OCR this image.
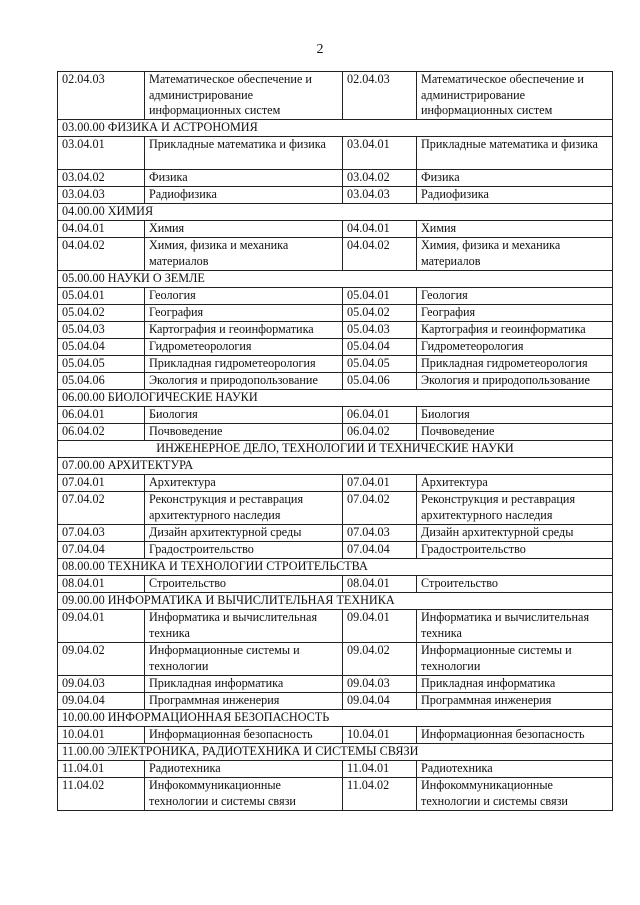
2
02.04.03	Математическое обеспечение и администрирование информационных систем	02.04.03	Математическое обеспечение и администрирование информационных систем
03.00.00 ФИЗИКА И АСТРОНОМИЯ			
03.04.01	Прикладные математика и физика	03.04.01	Прикладные математика и физика
03.04.02	Физика	03.04.02	Физика
03.04.03	Радиофизика	03.04.03	Радиофизика
04.00.00 ХИМИЯ			
04.04.01	Химия	04.04.01	Химия
04.04.02	Химия, физика и механика материалов	04.04.02	Химия, физика и механика материалов
05.00.00 НАУКИ О ЗЕМЛЕ			
05.04.01	Геология	05.04.01	Геология
05.04.02	География	05.04.02	География
05.04.03	Картография и геоинформатика	05.04.03	Картография и геоинформатика
05.04.04	Гидрометеорология	05.04.04	Гидрометеорология
05.04.05	Прикладная гидрометеорология	05.04.05	Прикладная гидрометеорология
05.04.06	Экология и природопользование	05.04.06	Экология и природопользование
06.00.00 БИОЛОГИЧЕСКИЕ НАУКИ			
06.04.01	Биология	06.04.01	Биология
06.04.02	Почвоведение	06.04.02	Почвоведение
ИНЖЕНЕРНОЕ ДЕЛО, ТЕХНОЛОГИИ И ТЕХНИЧЕСКИЕ НАУКИ			
07.00.00 АРХИТЕКТУРА			
07.04.01	Архитектура	07.04.01	Архитектура
07.04.02	Реконструкция и реставрация архитектурного наследия	07.04.02	Реконструкция и реставрация архитектурного наследия
07.04.03	Дизайн архитектурной среды	07.04.03	Дизайн архитектурной среды
07.04.04	Градостроительство	07.04.04	Градостроительство
08.00.00 ТЕХНИКА И ТЕХНОЛОГИИ СТРОИТЕЛЬСТВА			
08.04.01	Строительство	08.04.01	Строительство
09.00.00 ИНФОРМАТИКА И ВЫЧИСЛИТЕЛЬНАЯ ТЕХНИКА			
09.04.01	Информатика и вычислительная техника	09.04.01	Информатика и вычислительная техника
09.04.02	Информационные системы и технологии	09.04.02	Информационные системы и технологии
09.04.03	Прикладная информатика	09.04.03	Прикладная информатика
09.04.04	Программная инженерия	09.04.04	Программная инженерия
10.00.00 ИНФОРМАЦИОННАЯ БЕЗОПАСНОСТЬ			
10.04.01	Информационная безопасность	10.04.01	Информационная безопасность
11.00.00 ЭЛЕКТРОНИКА, РАДИОТЕХНИКА И СИСТЕМЫ СВЯЗИ			
11.04.01	Радиотехника	11.04.01	Радиотехника
11.04.02	Инфокоммуникационные технологии и системы связи	11.04.02	Инфокоммуникационные технологии и системы связи
